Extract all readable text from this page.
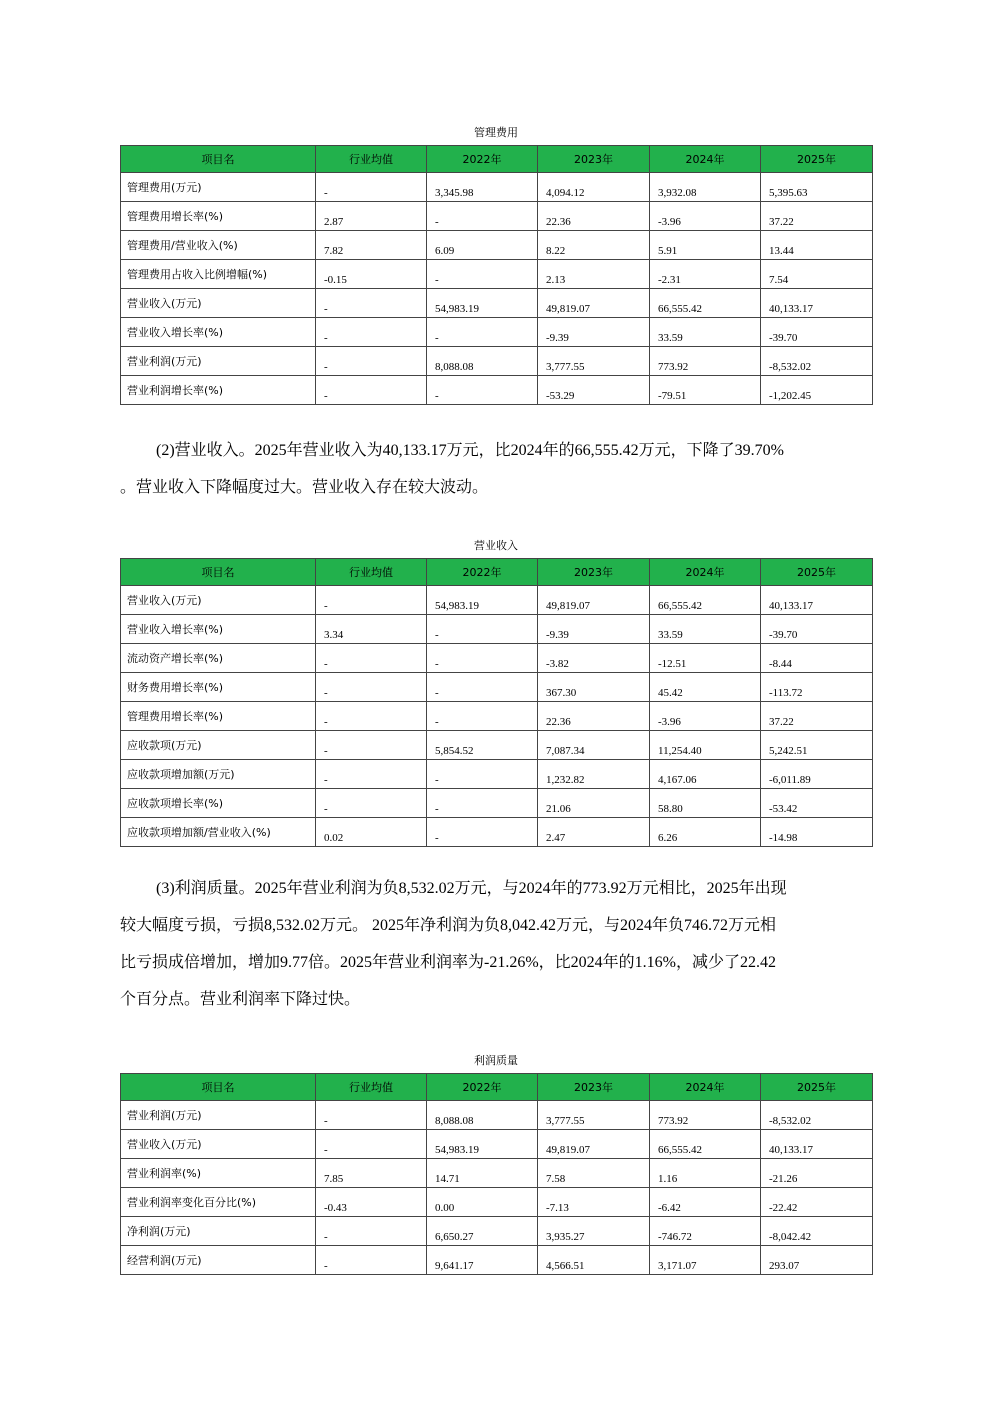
管理费用
项目名	行业均值	2022年	2023年	2024年	2025年
管理费用(万元)	-	3,345.98	4,094.12	3,932.08	5,395.63
管理费用增长率(%)	2.87	-	22.36	-3.96	37.22
管理费用/营业收入(%)	7.82	6.09	8.22	5.91	13.44
管理费用占收入比例增幅(%)	-0.15	-	2.13	-2.31	7.54
营业收入(万元)	-	54,983.19	49,819.07	66,555.42	40,133.17
营业收入增长率(%)	-	-	-9.39	33.59	-39.70
营业利润(万元)	-	8,088.08	3,777.55	773.92	-8,532.02
营业利润增长率(%)	-	-	-53.29	-79.51	-1,202.45
(2)营业收入。2025年营业收入为40,133.17万元，比2024年的66,555.42万元，下降了39.70%
。营业收入下降幅度过大。营业收入存在较大波动。
营业收入
项目名	行业均值	2022年	2023年	2024年	2025年
营业收入(万元)	-	54,983.19	49,819.07	66,555.42	40,133.17
营业收入增长率(%)	3.34	-	-9.39	33.59	-39.70
流动资产增长率(%)	-	-	-3.82	-12.51	-8.44
财务费用增长率(%)	-	-	367.30	45.42	-113.72
管理费用增长率(%)	-	-	22.36	-3.96	37.22
应收款项(万元)	-	5,854.52	7,087.34	11,254.40	5,242.51
应收款项增加额(万元)	-	-	1,232.82	4,167.06	-6,011.89
应收款项增长率(%)	-	-	21.06	58.80	-53.42
应收款项增加额/营业收入(%)	0.02	-	2.47	6.26	-14.98
(3)利润质量。2025年营业利润为负8,532.02万元，与2024年的773.92万元相比，2025年出现
较大幅度亏损，亏损8,532.02万元。 2025年净利润为负8,042.42万元，与2024年负746.72万元相
比亏损成倍增加，增加9.77倍。2025年营业利润率为-21.26%，比2024年的1.16%，减少了22.42
个百分点。营业利润率下降过快。
利润质量
项目名	行业均值	2022年	2023年	2024年	2025年
营业利润(万元)	-	8,088.08	3,777.55	773.92	-8,532.02
营业收入(万元)	-	54,983.19	49,819.07	66,555.42	40,133.17
营业利润率(%)	7.85	14.71	7.58	1.16	-21.26
营业利润率变化百分比(%)	-0.43	0.00	-7.13	-6.42	-22.42
净利润(万元)	-	6,650.27	3,935.27	-746.72	-8,042.42
经营利润(万元)	-	9,641.17	4,566.51	3,171.07	293.07
